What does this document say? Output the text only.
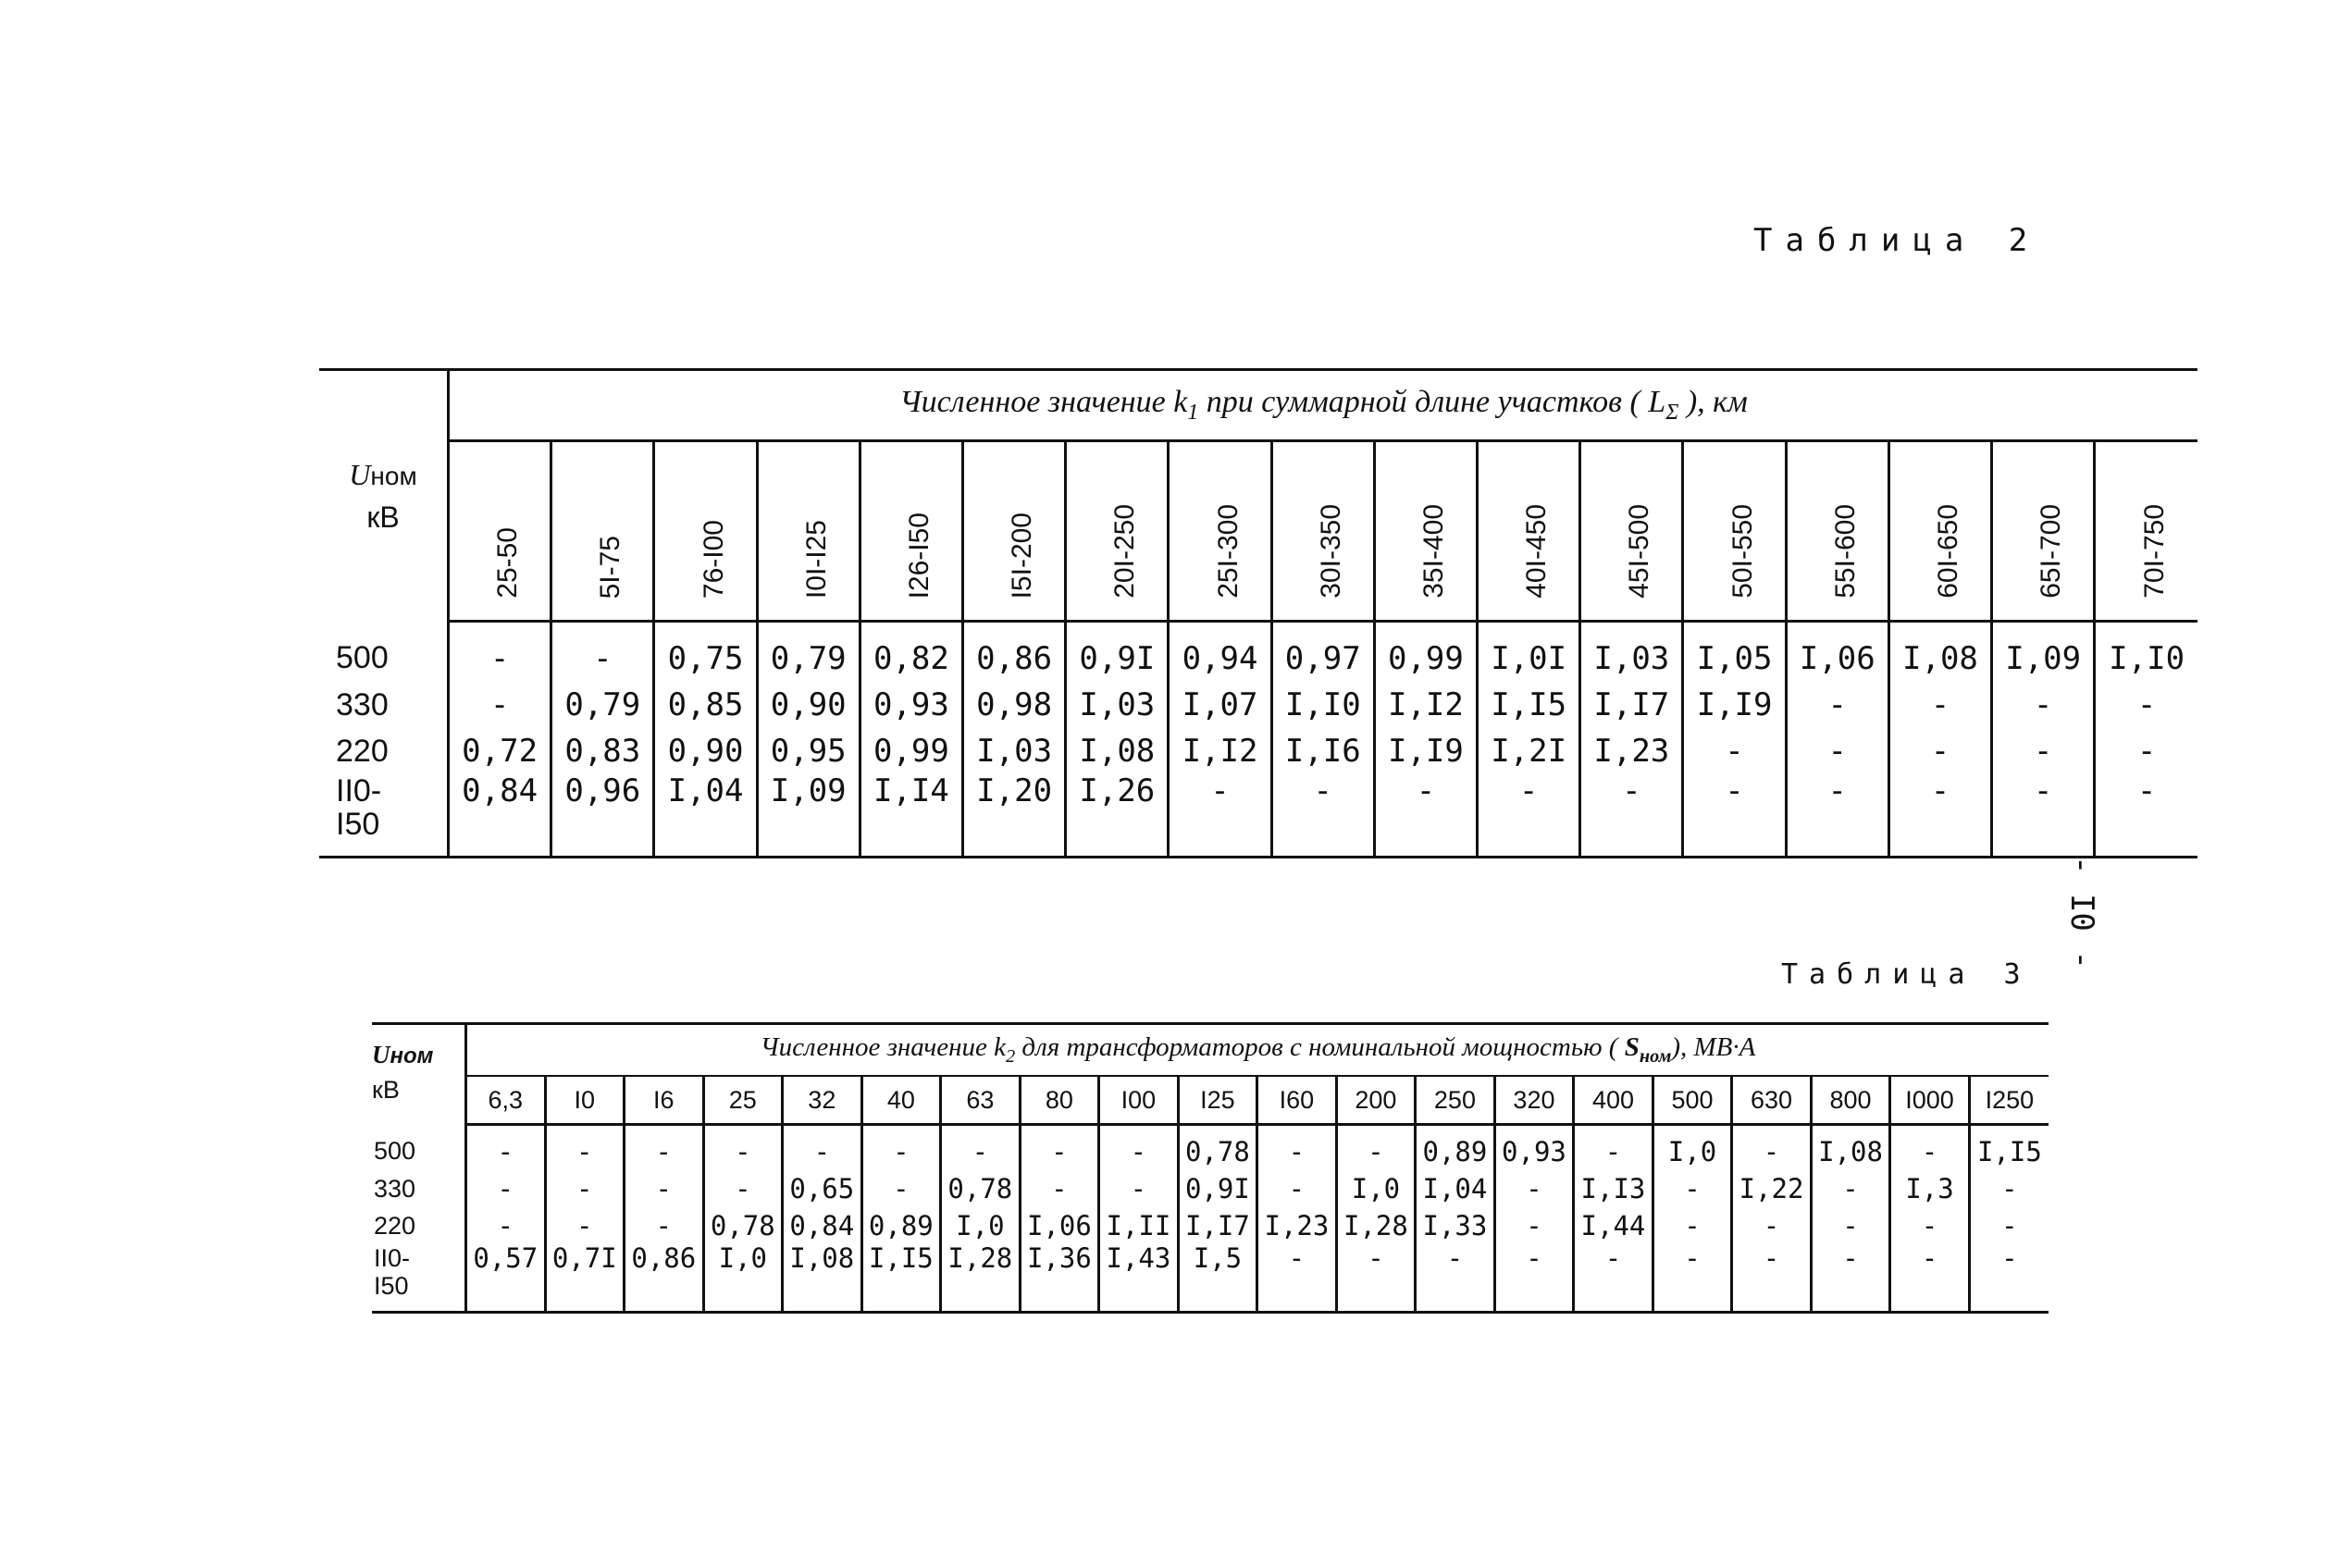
Таблица 2
- I0 -
Таблица 3
Uном
кВ	Численное значение $k_1$ при суммарной длине участков ( $L_\Sigma$ ), км																
	25-50	5I-75	76-I00	I0I-I25	I26-I50	I5I-200	20I-250	25I-300	30I-350	35I-400	40I-450	45I-500	50I-550	55I-600	60I-650	65I-700	70I-750

500	-	-	0,75	0,79	0,82	0,86	0,9I	0,94	0,97	0,99	I,0I	I,03	I,05	I,06	I,08	I,09	I,I0

330	-	0,79	0,85	0,90	0,93	0,98	I,03	I,07	I,I0	I,I2	I,I5	I,I7	I,I9	-	-	-	-

220	0,72	0,83	0,90	0,95	0,99	I,03	I,08	I,I2	I,I6	I,I9	I,2I	I,23	-	-	-	-	-

II0-
I50	0,84	0,96	I,04	I,09	I,I4	I,20	I,26	-	-	-	-	-	-	-	-	-	-
Uном
кВ	Численное значение $k_2$ для трансформаторов с номинальной мощностью ( $S_{ном}$), МВ·А																			
	6,3	I0	I6	25	32	40	63	80	I00	I25	I60	200	250	320	400	500	630	800	I000	I250

500	-	-	-	-	-	-	-	-	-	0,78	-	-	0,89	0,93	-	I,0	-	I,08	-	I,I5

330	-	-	-	-	0,65	-	0,78	-	-	0,9I	-	I,0	I,04	-	I,I3	-	I,22	-	I,3	-

220	-	-	-	0,78	0,84	0,89	I,0	I,06	I,II	I,I7	I,23	I,28	I,33	-	I,44	-	-	-	-	-

II0-
I50	0,57	0,7I	0,86	I,0	I,08	I,I5	I,28	I,36	I,43	I,5	-	-	-	-	-	-	-	-	-	-
